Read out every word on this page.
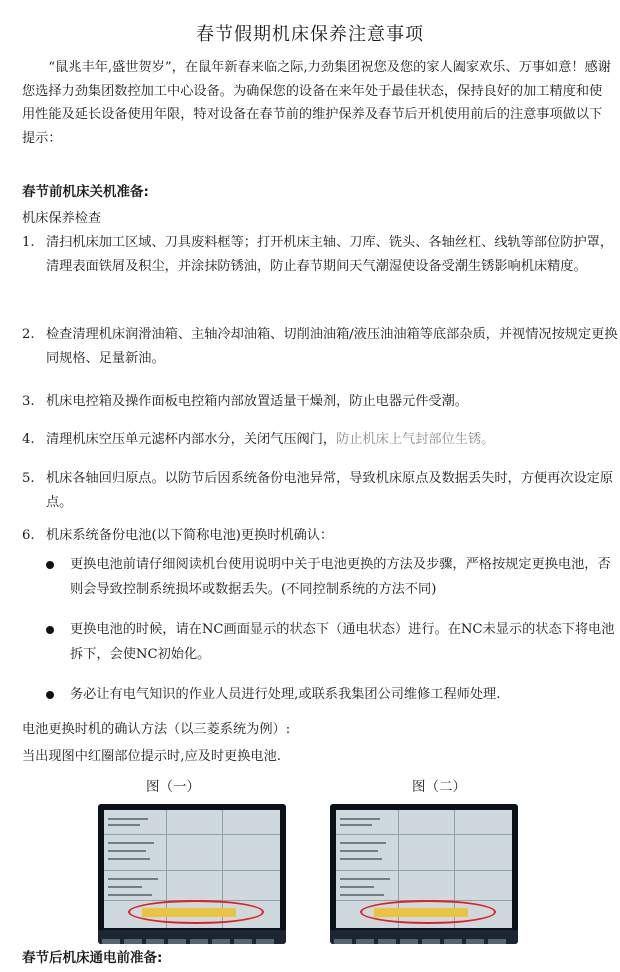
春节假期机床保养注意事项
“鼠兆丰年,盛世贺岁”，在鼠年新春来临之际,力劲集团祝您及您的家人阖家欢乐、万事如意！感谢您选择力劲集团数控加工中心设备。为确保您的设备在来年处于最佳状态，保持良好的加工精度和使用性能及延长设备使用年限，特对设备在春节前的维护保养及春节后开机使用前后的注意事项做以下提示：
春节前机床关机准备:
机床保养检查
1. 清扫机床加工区域、刀具废料框等；打开机床主轴、刀库、铣头、各轴丝杠、线轨等部位防护罩，清理表面铁屑及积尘，并涂抹防锈油，防止春节期间天气潮湿使设备受潮生锈影响机床精度。
2. 检查清理机床润滑油箱、主轴冷却油箱、切削油油箱/液压油油箱等底部杂质，并视情况按规定更换同规格、足量新油。
3. 机床电控箱及操作面板电控箱内部放置适量干燥剂，防止电器元件受潮。
4. 清理机床空压单元滤杯内部水分，关闭气压阀门，防止机床上气封部位生锈。
5. 机床各轴回归原点。以防节后因系统备份电池异常，导致机床原点及数据丢失时，方便再次设定原点。
6. 机床系统备份电池(以下简称电池)更换时机确认：
更换电池前请仔细阅读机台使用说明中关于电池更换的方法及步骤，严格按规定更换电池，否则会导致控制系统损坏或数据丢失。(不同控制系统的方法不同)
更换电池的时候，请在NC画面显示的状态下（通电状态）进行。在NC未显示的状态下将电池拆下，会使NC初始化。
务必让有电气知识的作业人员进行处理,或联系我集团公司维修工程师处理.
电池更换时机的确认方法（以三菱系统为例）:
当出现图中红圈部位提示时,应及时更换电池.
图（一）	图（二）
春节后机床通电前准备:
